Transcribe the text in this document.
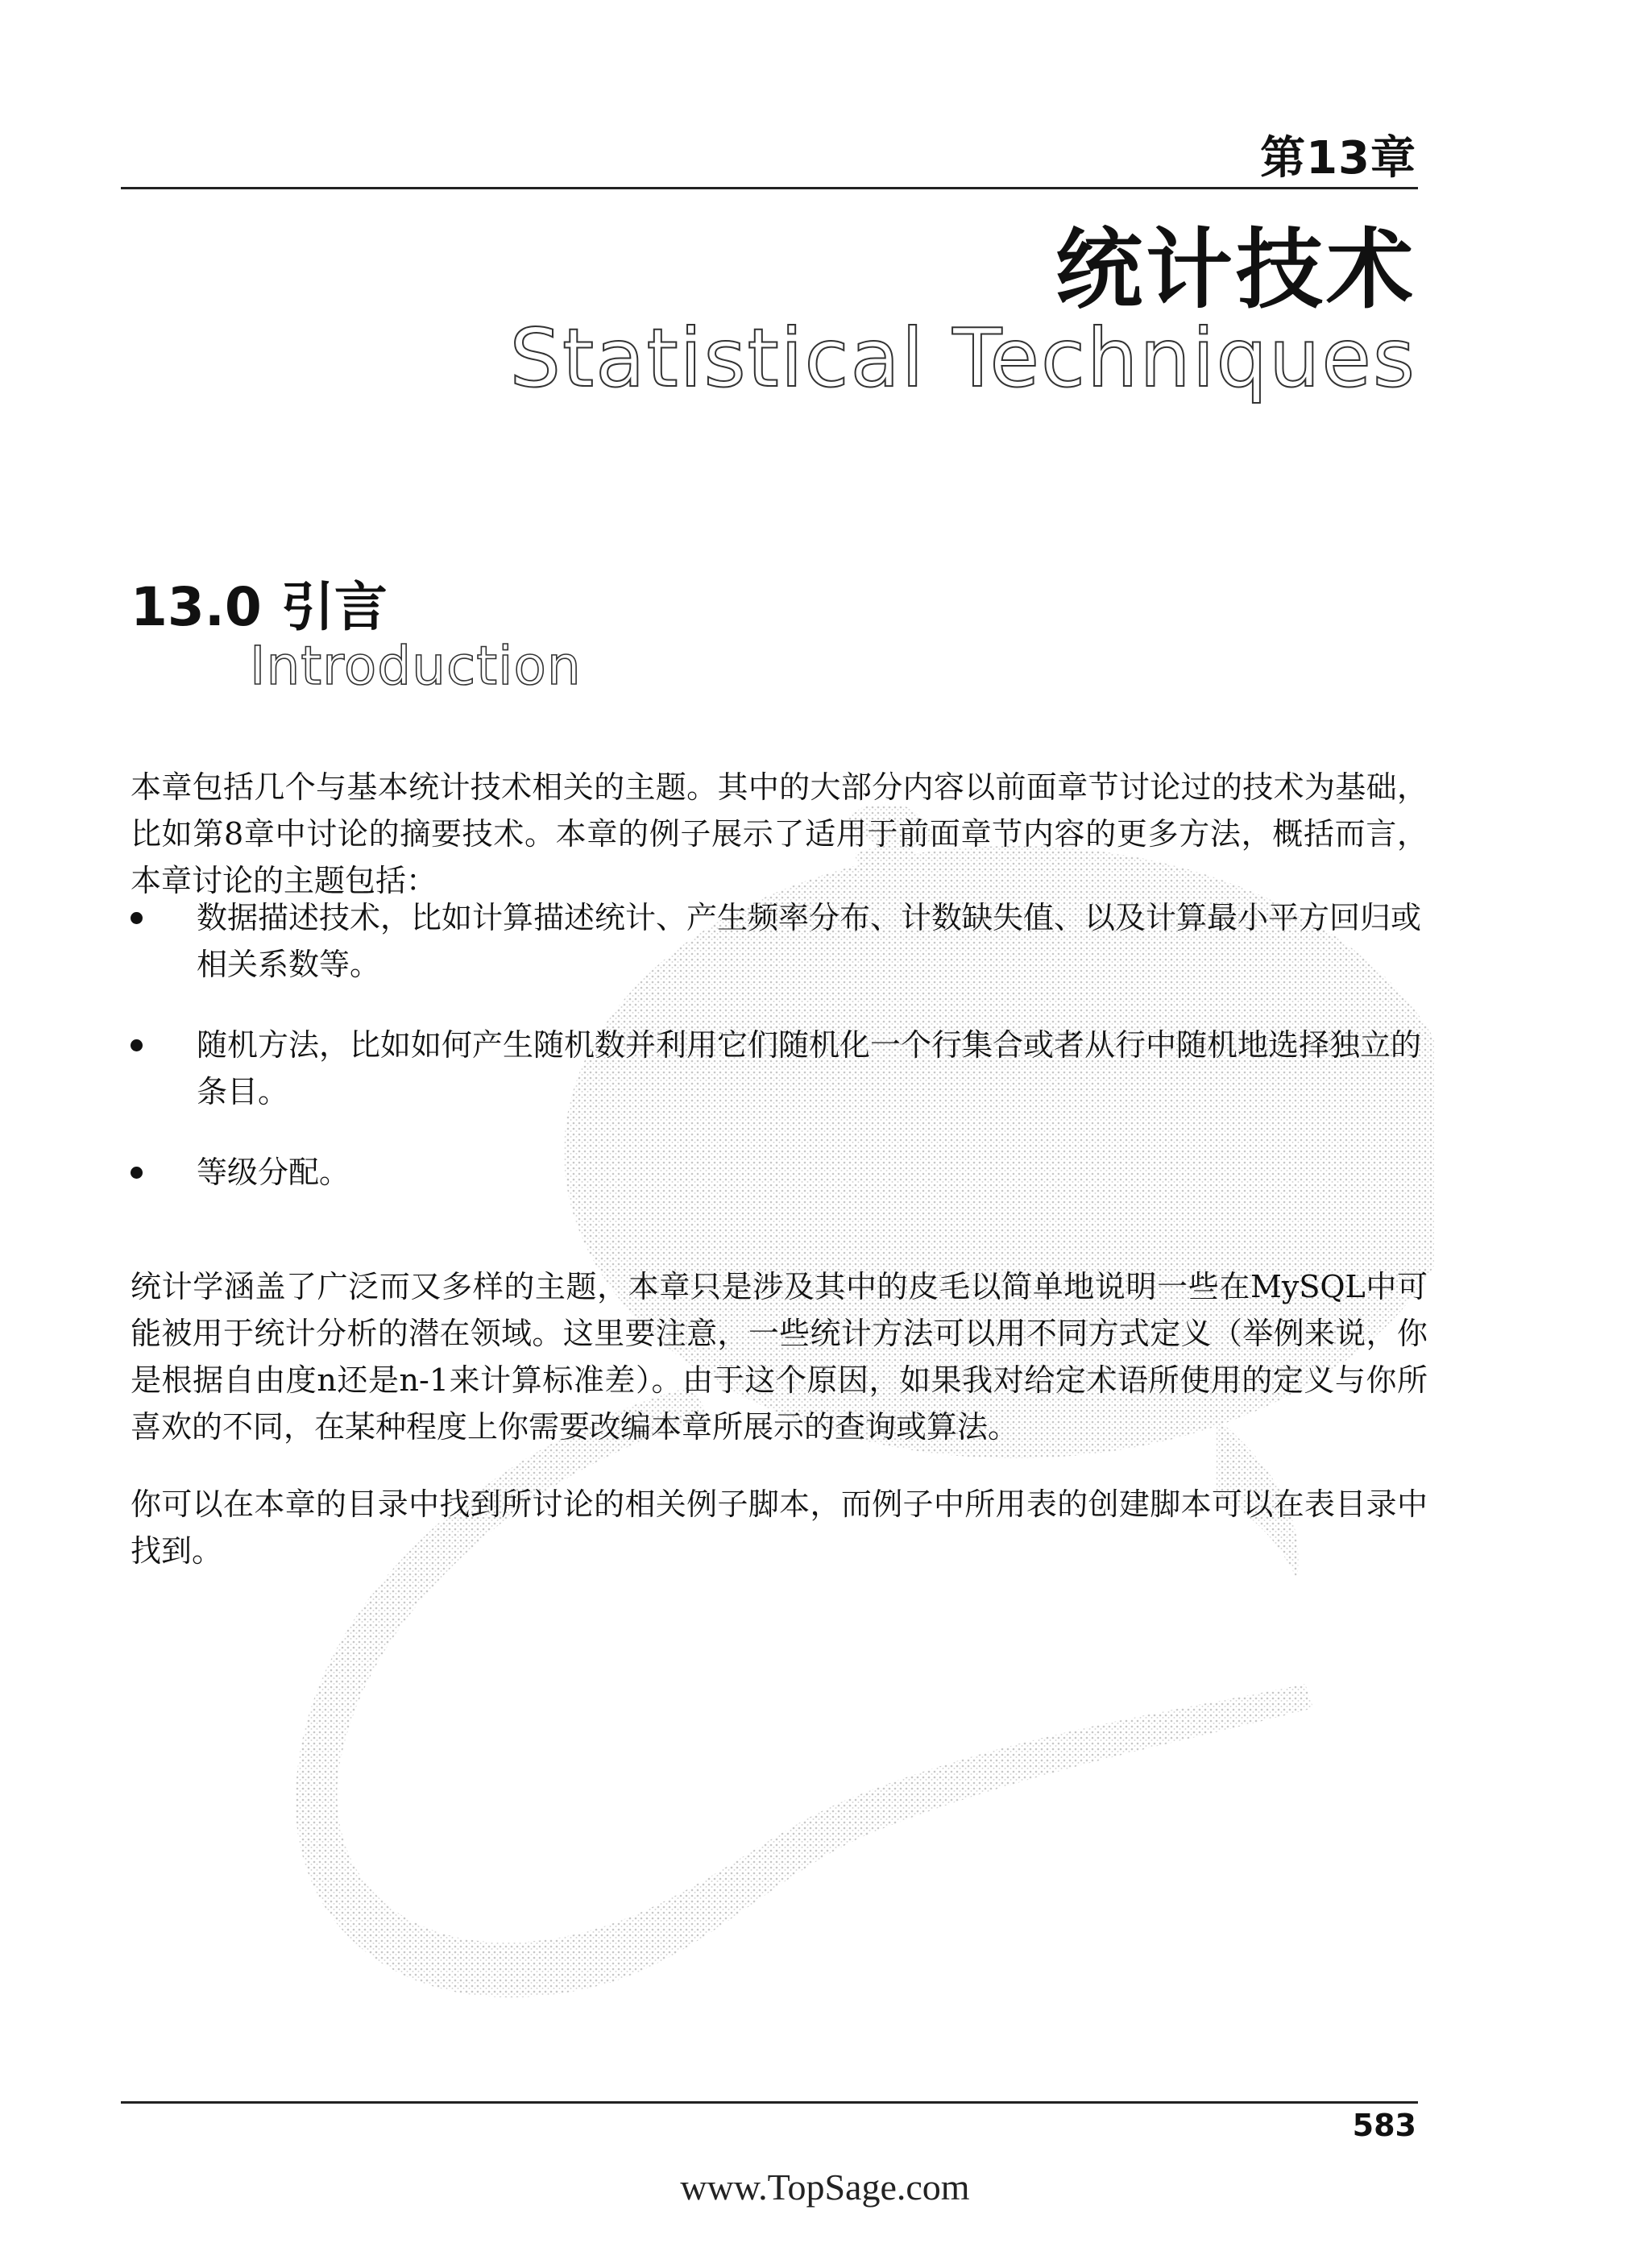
第13章
统计技术
Statistical Techniques
13.0 引言
Introduction

本章包括几个与基本统计技术相关的主题。其中的大部分内容以前面章节讨论过的技术为基础，比如第8章中讨论的摘要技术。本章的例子展示了适用于前面章节内容的更多方法，概括而言，本章讨论的主题包括：

数据描述技术，比如计算描述统计、产生频率分布、计数缺失值、以及计算最小平方回归或相关系数等。
随机方法，比如如何产生随机数并利用它们随机化一个行集合或者从行中随机地选择独立的条目。
等级分配。

统计学涵盖了广泛而又多样的主题，本章只是涉及其中的皮毛以简单地说明一些在MySQL中可能被用于统计分析的潜在领域。这里要注意，一些统计方法可以用不同方式定义（举例来说，你是根据自由度n还是n-1来计算标准差）。由于这个原因，如果我对给定术语所使用的定义与你所喜欢的不同，在某种程度上你需要改编本章所展示的查询或算法。

你可以在本章的目录中找到所讨论的相关例子脚本，而例子中所用表的创建脚本可以在表目录中找到。

583
www.TopSage.com
